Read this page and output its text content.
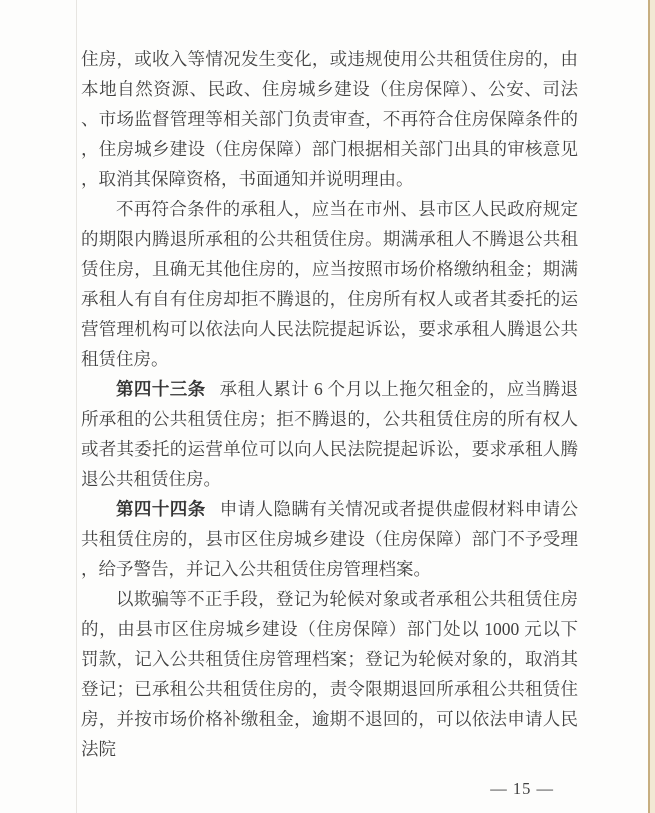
住房，或收入等情况发生变化，或违规使用公共租赁住房的，由本地自然资源、民政、住房城乡建设（住房保障）、公安、司法、市场监督管理等相关部门负责审查，不再符合住房保障条件的，住房城乡建设（住房保障）部门根据相关部门出具的审核意见，取消其保障资格，书面通知并说明理由。

不再符合条件的承租人，应当在市州、县市区人民政府规定的期限内腾退所承租的公共租赁住房。期满承租人不腾退公共租赁住房，且确无其他住房的，应当按照市场价格缴纳租金；期满承租人有自有住房却拒不腾退的，住房所有权人或者其委托的运营管理机构可以依法向人民法院提起诉讼，要求承租人腾退公共租赁住房。

第四十三条 承租人累计 6 个月以上拖欠租金的，应当腾退所承租的公共租赁住房；拒不腾退的，公共租赁住房的所有权人或者其委托的运营单位可以向人民法院提起诉讼，要求承租人腾退公共租赁住房。

第四十四条 申请人隐瞒有关情况或者提供虚假材料申请公共租赁住房的，县市区住房城乡建设（住房保障）部门不予受理，给予警告，并记入公共租赁住房管理档案。

以欺骗等不正手段，登记为轮候对象或者承租公共租赁住房的，由县市区住房城乡建设（住房保障）部门处以 1000 元以下罚款，记入公共租赁住房管理档案；登记为轮候对象的，取消其登记；已承租公共租赁住房的，责令限期退回所承租公共租赁住房，并按市场价格补缴租金，逾期不退回的，可以依法申请人民法院

— 15 —
